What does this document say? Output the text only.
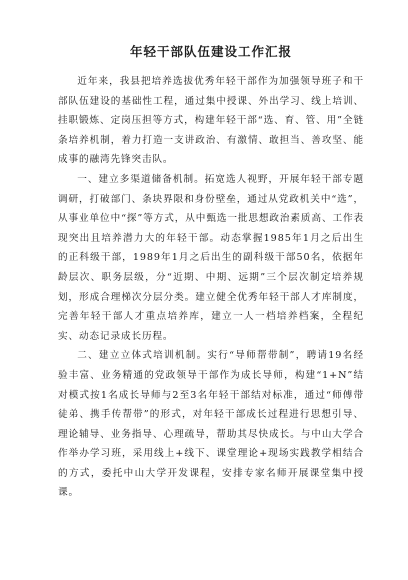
年轻干部队伍建设工作汇报

近年来，我县把培养选拔优秀年轻干部作为加强领导班子和干部队伍建设的基础性工程，通过集中授课、外出学习、线上培训、挂职锻炼、定岗压担等方式，构建年轻干部“选、育、管、用”全链条培养机制，着力打造一支讲政治、有激情、敢担当、善攻坚、能成事的融湾先锋突击队。

一、建立多渠道储备机制。拓宽选人视野，开展年轻干部专题调研，打破部门、条块界限和身份壁垒，通过从党政机关中“选”，从事业单位中“探”等方式，从中甄选一批思想政治素质高、工作表现突出且培养潜力大的年轻干部。动态掌握1985年1月之后出生的正科级干部，1989年1月之后出生的副科级干部50名，依据年龄层次、职务层级，分“近期、中期、远期”三个层次制定培养规划，形成合理梯次分层分类。建立健全优秀年轻干部人才库制度，完善年轻干部人才重点培养库，建立一人一档培养档案，全程纪实、动态记录成长历程。

二、建立立体式培训机制。实行“导师帮带制”，聘请19名经验丰富、业务精通的党政领导干部作为成长导师，构建“1+N”结对模式按1名成长导师与2至3名年轻干部结对标准，通过“师傅带徒弟、携手传帮带”的形式，对年轻干部成长过程进行思想引导、理论辅导、业务指导、心理疏导，帮助其尽快成长。与中山大学合作举办学习班，采用线上+线下、课堂理论+现场实践教学相结合的方式，委托中山大学开发课程，安排专家名师开展课堂集中授课。
